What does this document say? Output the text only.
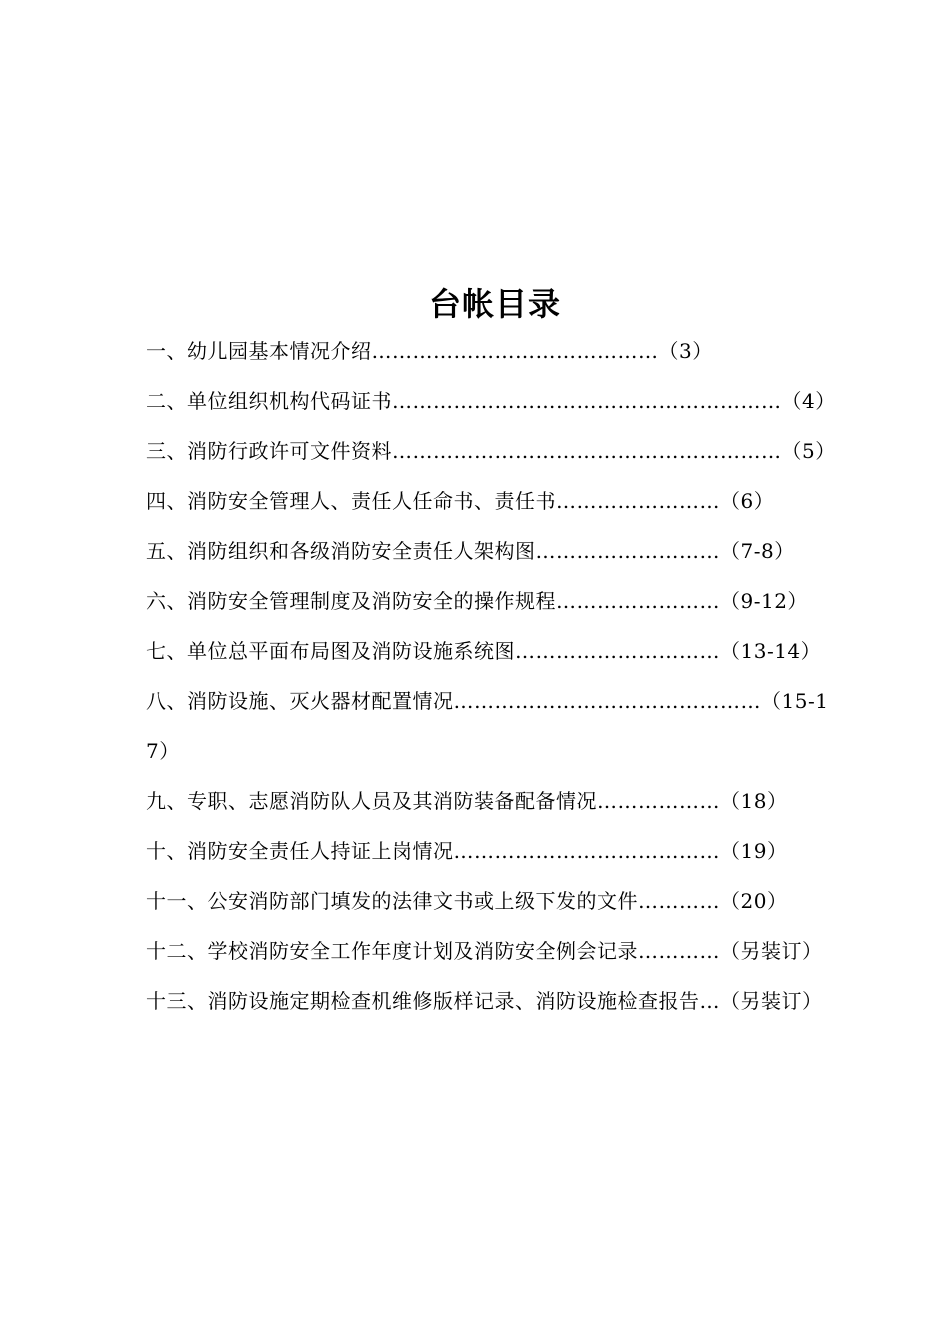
台帐目录
一、幼儿园基本情况介绍……………………………………（3）
二、单位组织机构代码证书…………………………………………………（4）
三、消防行政许可文件资料…………………………………………………（5）
四、消防安全管理人、责任人任命书、责任书……………………（6）
五、消防组织和各级消防安全责任人架构图………………………（7-8）
六、消防安全管理制度及消防安全的操作规程……………………（9-12）
七、单位总平面布局图及消防设施系统图…………………………（13-14）
八、消防设施、灭火器材配置情况………………………………………（15-17）
九、专职、志愿消防队人员及其消防装备配备情况………………（18）
十、消防安全责任人持证上岗情况…………………………………（19）
十一、公安消防部门填发的法律文书或上级下发的文件…………（20）
十二、学校消防安全工作年度计划及消防安全例会记录…………（另装订）
十三、消防设施定期检查机维修版样记录、消防设施检查报告…（另装订）
